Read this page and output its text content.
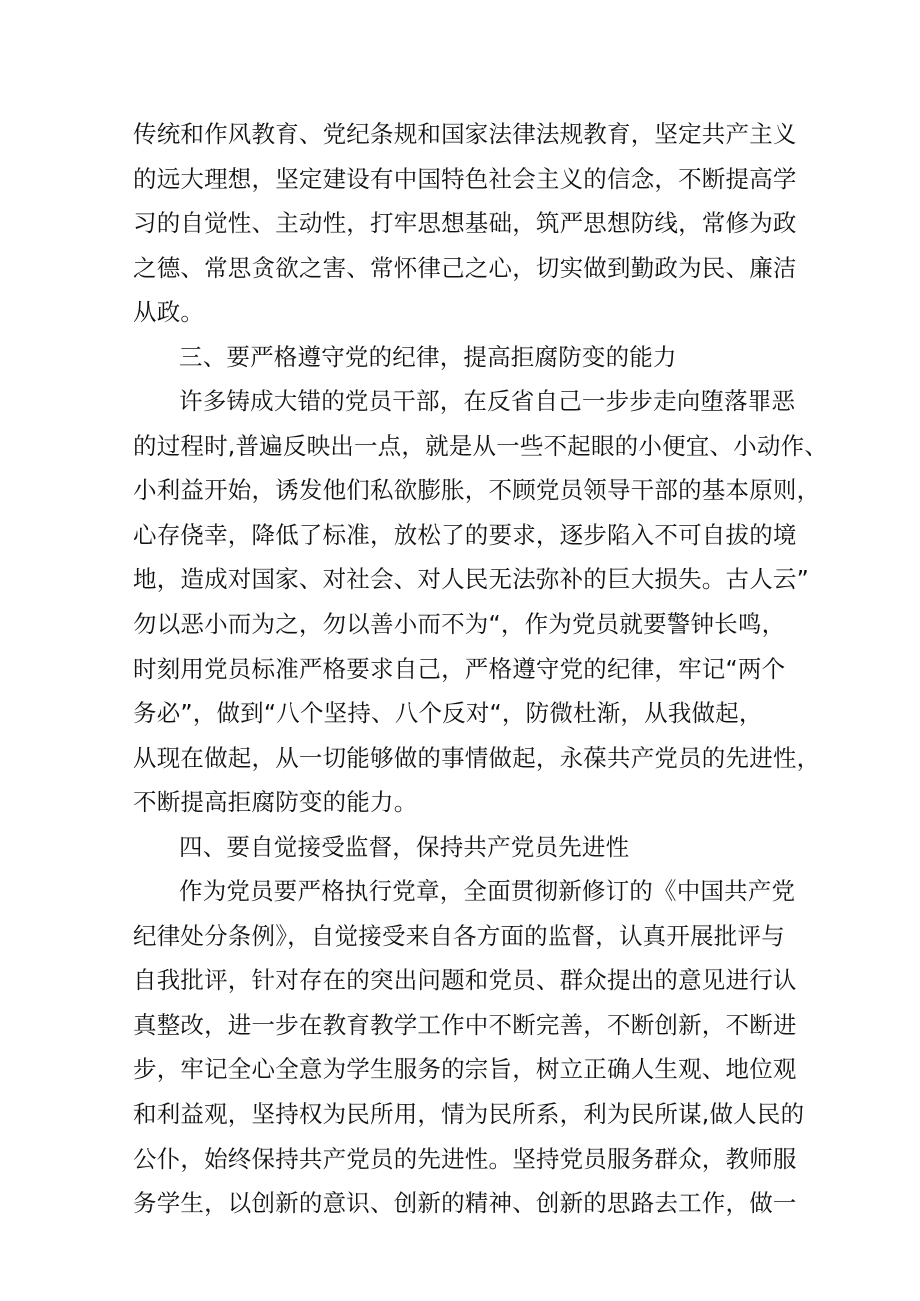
传统和作风教育、党纪条规和国家法律法规教育，坚定共产主义
的远大理想，坚定建设有中国特色社会主义的信念，不断提高学
习的自觉性、主动性，打牢思想基础，筑严思想防线，常修为政
之德、常思贪欲之害、常怀律己之心，切实做到勤政为民、廉洁
从政。
三、要严格遵守党的纪律，提高拒腐防变的能力
许多铸成大错的党员干部，在反省自己一步步走向堕落罪恶
的过程时,普遍反映出一点，就是从一些不起眼的小便宜、小动作、
小利益开始，诱发他们私欲膨胀，不顾党员领导干部的基本原则，
心存侥幸，降低了标准，放松了的要求，逐步陷入不可自拔的境
地，造成对国家、对社会、对人民无法弥补的巨大损失。古人云”
勿以恶小而为之，勿以善小而不为“，作为党员就要警钟长鸣，
时刻用党员标准严格要求自己，严格遵守党的纪律，牢记“两个
务必”，做到“八个坚持、八个反对“，防微杜渐，从我做起，
从现在做起，从一切能够做的事情做起，永葆共产党员的先进性，
不断提高拒腐防变的能力。
四、要自觉接受监督，保持共产党员先进性
作为党员要严格执行党章，全面贯彻新修订的《中国共产党
纪律处分条例》，自觉接受来自各方面的监督，认真开展批评与
自我批评，针对存在的突出问题和党员、群众提出的意见进行认
真整改，进一步在教育教学工作中不断完善，不断创新，不断进
步，牢记全心全意为学生服务的宗旨，树立正确人生观、地位观
和利益观，坚持权为民所用，情为民所系，利为民所谋,做人民的
公仆，始终保持共产党员的先进性。坚持党员服务群众，教师服
务学生，以创新的意识、创新的精神、创新的思路去工作，做一
